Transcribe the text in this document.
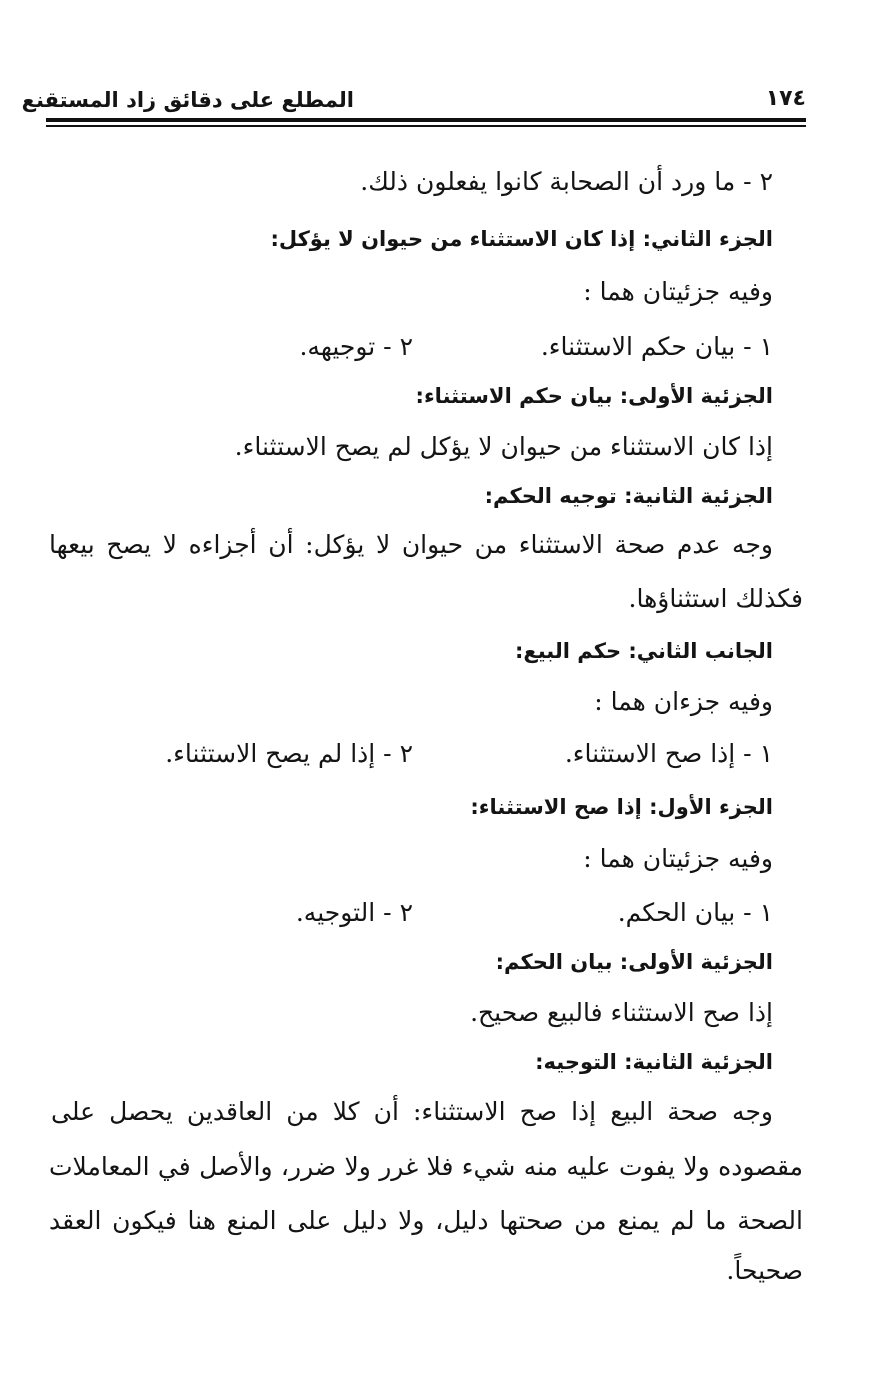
المطلع على دقائق زاد المستقنع	١٧٤
٢ - ما ورد أن الصحابة كانوا يفعلون ذلك.
الجزء الثاني: إذا كان الاستثناء من حيوان لا يؤكل:
وفيه جزئيتان هما :
١ - بيان حكم الاستثناء.
٢ - توجيهه.
الجزئية الأولى: بيان حكم الاستثناء:
إذا كان الاستثناء من حيوان لا يؤكل لم يصح الاستثناء.
الجزئية الثانية: توجيه الحكم:
وجه عدم صحة الاستثناء من حيوان لا يؤكل: أن أجزاءه لا يصح بيعها
فكذلك استثناؤها.
الجانب الثاني: حكم البيع:
وفيه جزءان هما :
١ - إذا صح الاستثناء.
٢ - إذا لم يصح الاستثناء.
الجزء الأول: إذا صح الاستثناء:
وفيه جزئيتان هما :
١ - بيان الحكم.
٢ - التوجيه.
الجزئية الأولى: بيان الحكم:
إذا صح الاستثناء فالبيع صحيح.
الجزئية الثانية: التوجيه:
وجه صحة البيع إذا صح الاستثناء: أن كلا من العاقدين يحصل على
مقصوده ولا يفوت عليه منه شيء فلا غرر ولا ضرر، والأصل في المعاملات
الصحة ما لم يمنع من صحتها دليل، ولا دليل على المنع هنا فيكون العقد
صحيحاً.
